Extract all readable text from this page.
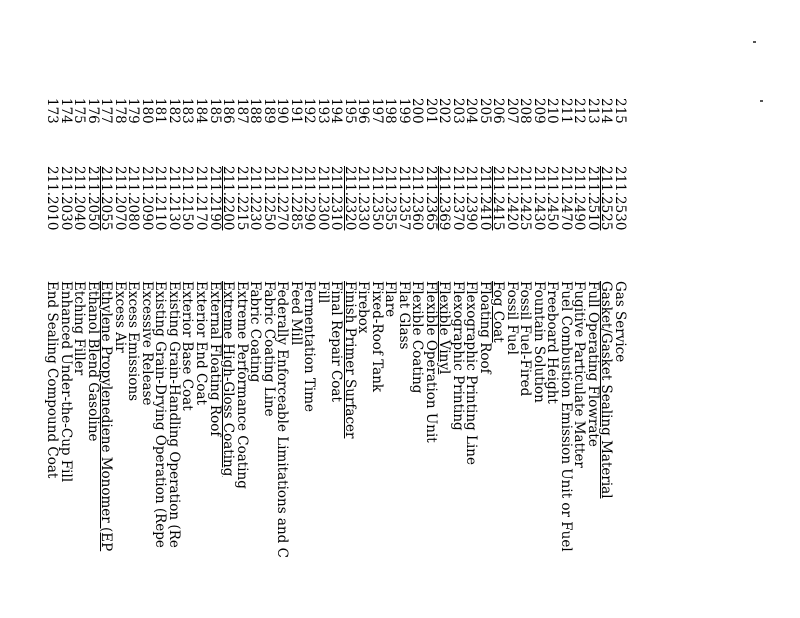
215
211.2530
Gas Service
214
211.2525
Gasket/Gasket Sealing Material
213
211.2510
Full Operating Flowrate
212
211.2490
Fugitive Particulate Matter
211
211.2470
Fuel Combustion Emission Unit or Fuel
210
211.2450
Freeboard Height
209
211.2430
Fountain Solution
208
211.2425
Fossil Fuel-Fired
207
211.2420
Fossil Fuel
206
211.2415
Fog Coat
205
211.2410
Floating Roof
204
211.2390
Flexographic Printing Line
203
211.2370
Flexographic Printing
202
211.2369
Flexible Vinyl
201
211.2365
Flexible Operation Unit
200
211.2360
Flexible Coating
199
211.2357
Flat Glass
198
211.2355
Flare
197
211.2350
Fixed-Roof Tank
196
211.2330
Firebox
195
211.2320
Finish Primer Surfacer
194
211.2310
Final Repair Coat
193
211.2300
Fill
192
211.2290
Fermentation Time
191
211.2285
Feed Mill
190
211.2270
Federally Enforceable Limitations and C
189
211.2250
Fabric Coating Line
188
211.2230
Fabric Coating
187
211.2215
Extreme Performance Coating
186
211.2200
Extreme High-Gloss Coating
185
211.2190
External Floating Roof
184
211.2170
Exterior End Coat
183
211.2150
Exterior Base Coat
182
211.2130
Existing Grain-Handling Operation (Re
181
211.2110
Existing Grain-Drying Operation (Repe
180
211.2090
Excessive Release
179
211.2080
Excess Emissions
178
211.2070
Excess Air
177
211.2055
Ethylene Propylenediene Monomer (EP
176
211.2050
Ethanol Blend Gasoline
175
211.2040
Etching Filler
174
211.2030
Enhanced Under-the-Cup Fill
173
211.2010
End Sealing Compound Coat
